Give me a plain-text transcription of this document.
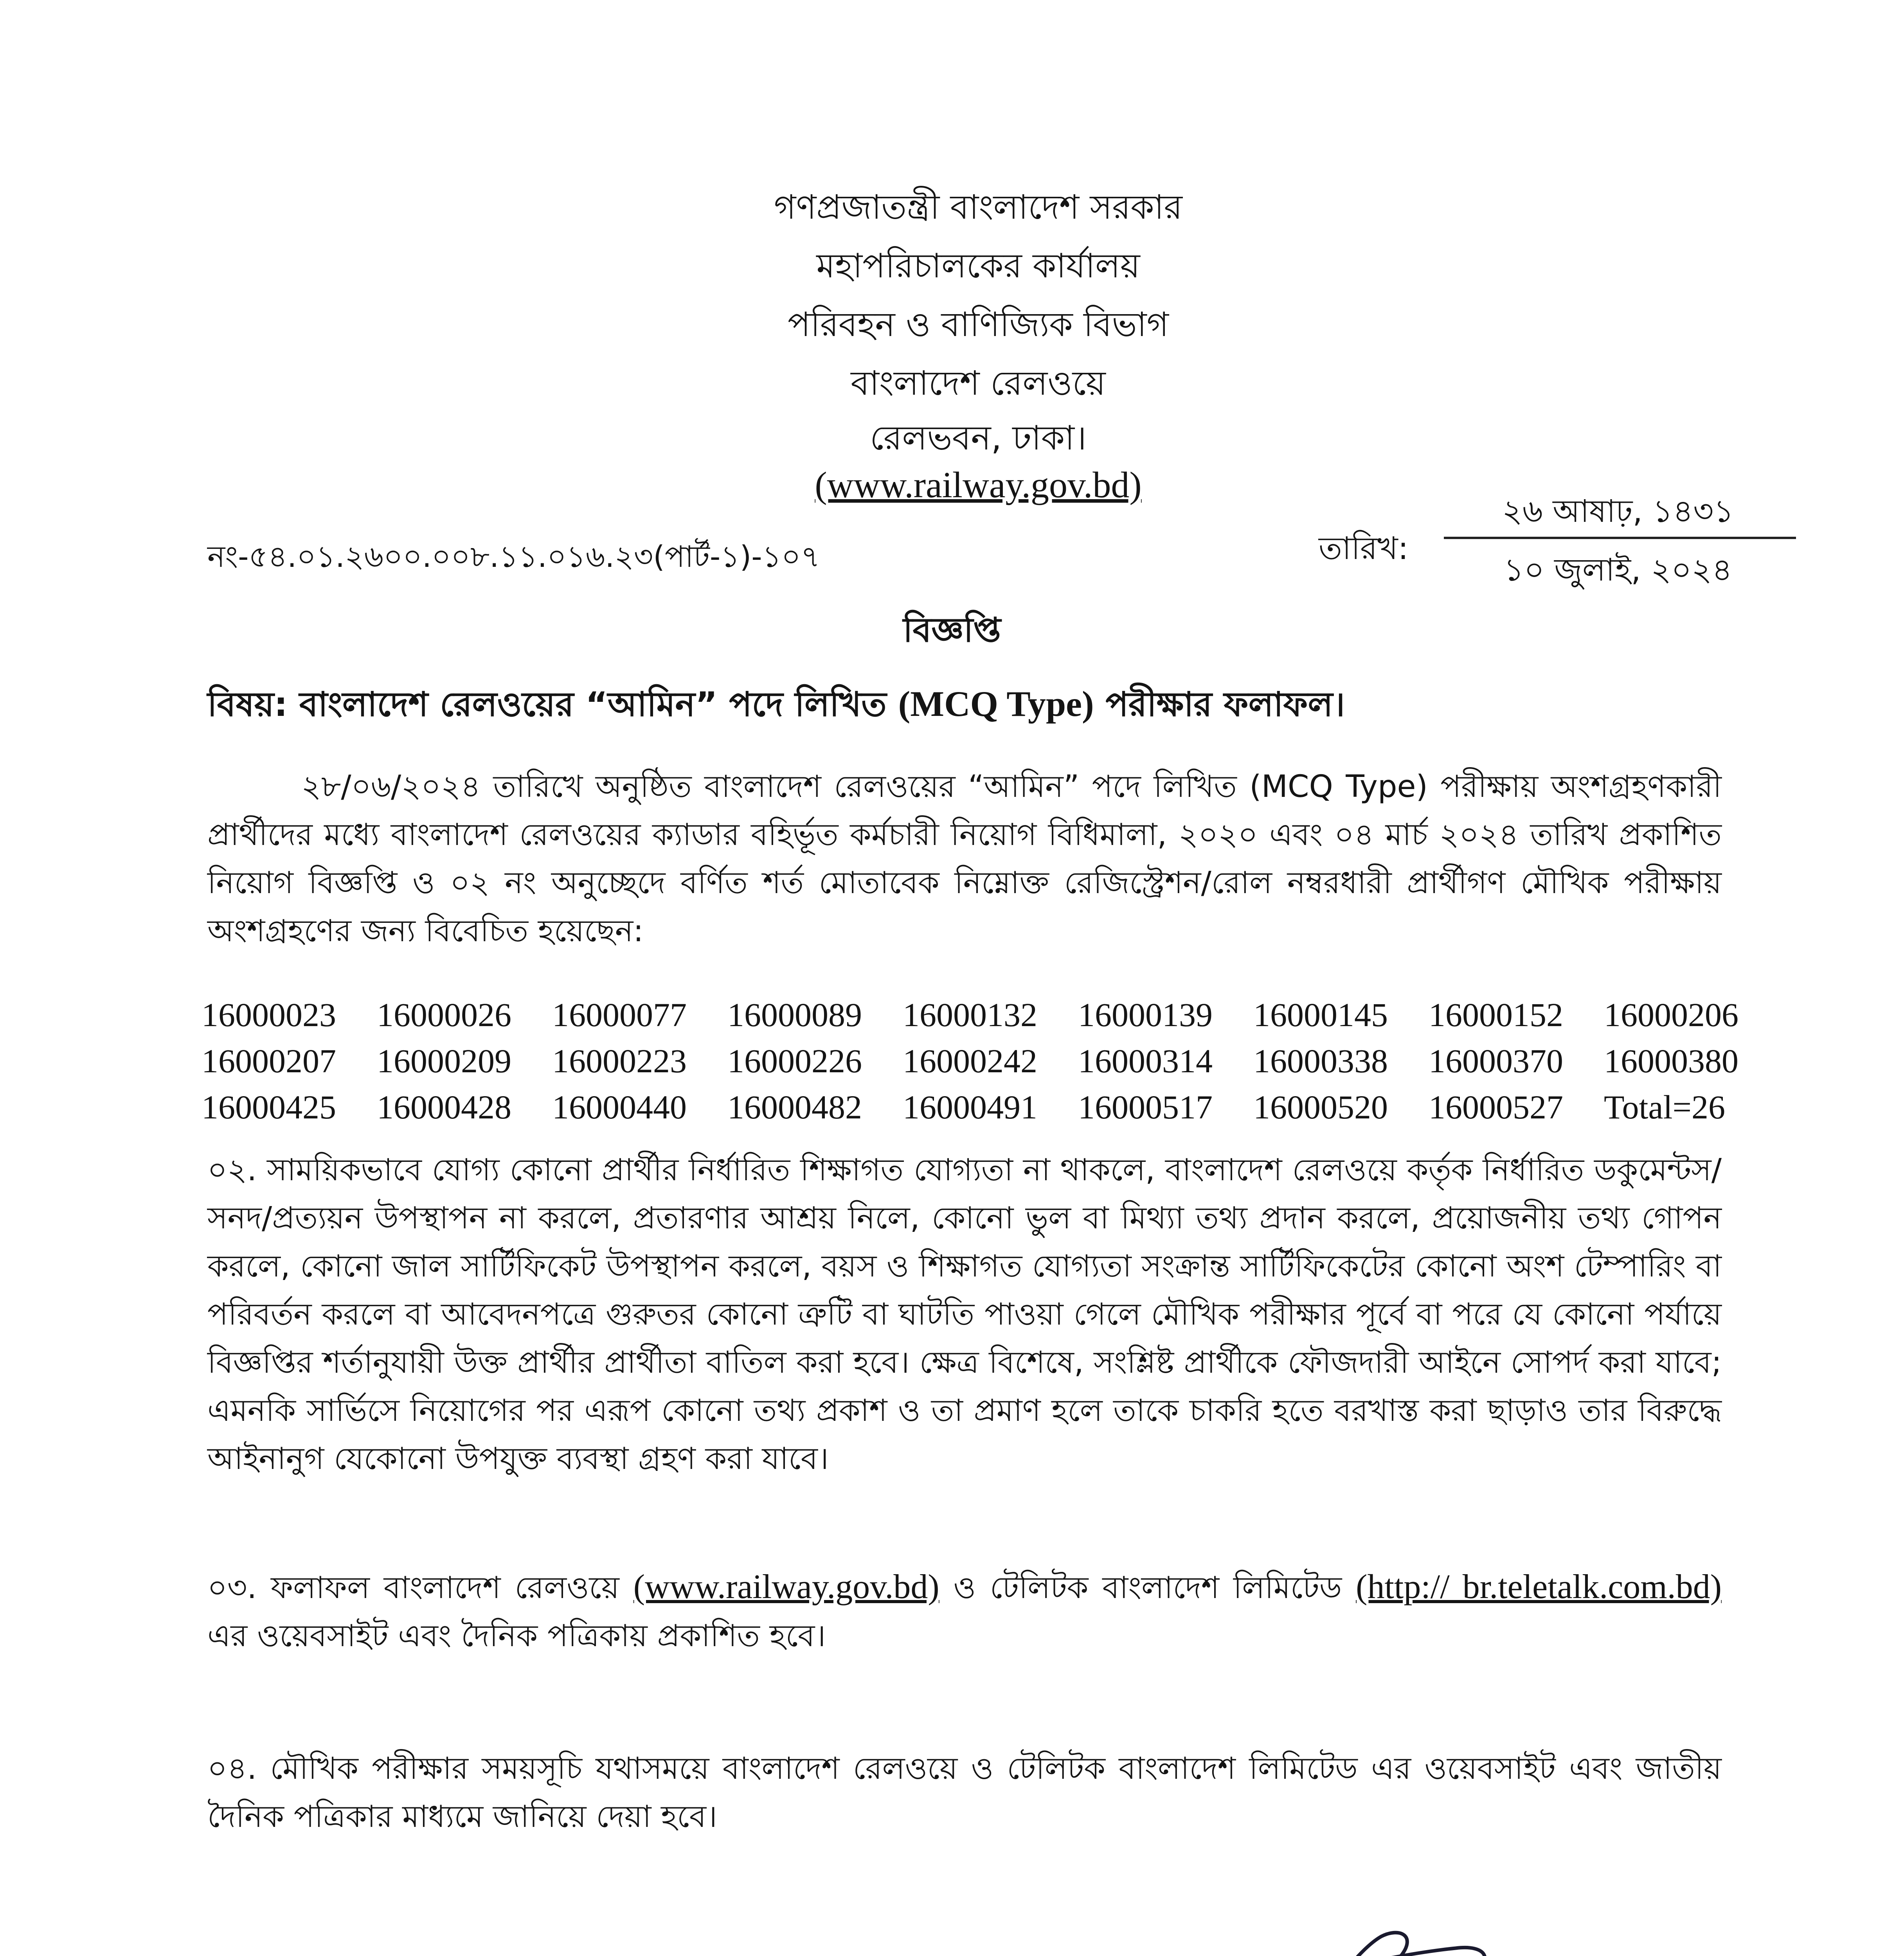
গণপ্রজাতন্ত্রী বাংলাদেশ সরকার
মহাপরিচালকের কার্যালয়
পরিবহন ও বাণিজ্যিক বিভাগ
বাংলাদেশ রেলওয়ে
রেলভবন, ঢাকা।
(www.railway.gov.bd)
নং-৫৪.০১.২৬০০.০০৮.১১.০১৬.২৩(পার্ট-১)-১০৭	তারিখ:
২৬ আষাঢ়, ১৪৩১
১০ জুলাই, ২০২৪
বিজ্ঞপ্তি
বিষয়: বাংলাদেশ রেলওয়ের “আমিন” পদে লিখিত (MCQ Type) পরীক্ষার ফলাফল।
২৮/০৬/২০২৪ তারিখে অনুষ্ঠিত বাংলাদেশ রেলওয়ের “আমিন” পদে লিখিত (MCQ Type) পরীক্ষায় অংশগ্রহণকারী প্রার্থীদের মধ্যে বাংলাদেশ রেলওয়ের ক্যাডার বহির্ভূত কর্মচারী নিয়োগ বিধিমালা, ২০২০ এবং ০৪ মার্চ ২০২৪ তারিখ প্রকাশিত নিয়োগ বিজ্ঞপ্তি ও ০২ নং অনুচ্ছেদে বর্ণিত শর্ত মোতাবেক নিম্নোক্ত রেজিস্ট্রেশন/রোল নম্বরধারী প্রার্থীগণ মৌখিক পরীক্ষায় অংশগ্রহণের জন্য বিবেচিত হয়েছেন:
16000023	16000026	16000077	16000089	16000132	16000139	16000145	16000152	16000206
16000207	16000209	16000223	16000226	16000242	16000314	16000338	16000370	16000380
16000425	16000428	16000440	16000482	16000491	16000517	16000520	16000527	Total=26
০২. সাময়িকভাবে যোগ্য কোনো প্রার্থীর নির্ধারিত শিক্ষাগত যোগ্যতা না থাকলে, বাংলাদেশ রেলওয়ে কর্তৃক নির্ধারিত ডকুমেন্টস/সনদ/প্রত্যয়ন উপস্থাপন না করলে, প্রতারণার আশ্রয় নিলে, কোনো ভুল বা মিথ্যা তথ্য প্রদান করলে, প্রয়োজনীয় তথ্য গোপন করলে, কোনো জাল সার্টিফিকেট উপস্থাপন করলে, বয়স ও শিক্ষাগত যোগ্যতা সংক্রান্ত সার্টিফিকেটের কোনো অংশ টেম্পারিং বা পরিবর্তন করলে বা আবেদনপত্রে গুরুতর কোনো ত্রুটি বা ঘাটতি পাওয়া গেলে মৌখিক পরীক্ষার পূর্বে বা পরে যে কোনো পর্যায়ে বিজ্ঞপ্তির শর্তানুযায়ী উক্ত প্রার্থীর প্রার্থীতা বাতিল করা হবে। ক্ষেত্র বিশেষে, সংশ্লিষ্ট প্রার্থীকে ফৌজদারী আইনে সোপর্দ করা যাবে; এমনকি সার্ভিসে নিয়োগের পর এরূপ কোনো তথ্য প্রকাশ ও তা প্রমাণ হলে তাকে চাকরি হতে বরখাস্ত করা ছাড়াও তার বিরুদ্ধে আইনানুগ যেকোনো উপযুক্ত ব্যবস্থা গ্রহণ করা যাবে।
০৩. ফলাফল বাংলাদেশ রেলওয়ে (www.railway.gov.bd) ও টেলিটক বাংলাদেশ লিমিটেড (http:// br.teletalk.com.bd) এর ওয়েবসাইট এবং দৈনিক পত্রিকায় প্রকাশিত হবে।
০৪. মৌখিক পরীক্ষার সময়সূচি যথাসময়ে বাংলাদেশ রেলওয়ে ও টেলিটক বাংলাদেশ লিমিটেড এর ওয়েবসাইট এবং জাতীয় দৈনিক পত্রিকার মাধ্যমে জানিয়ে দেয়া হবে।
